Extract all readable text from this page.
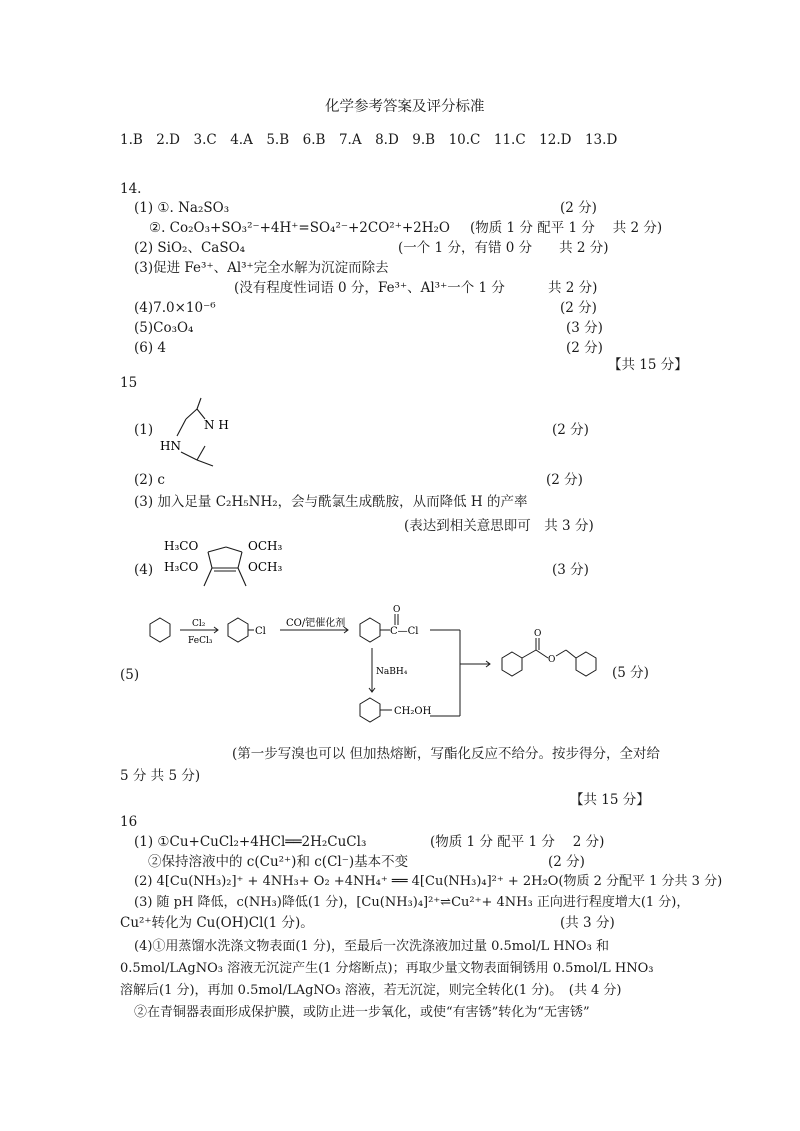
化学参考答案及评分标准
1.B　2.D　3.C　4.A　5.B　6.B　7.A　8.D　9.B　10.C　11.C　12.D　13.D
14.
(1) ①. Na₂SO₃	(2 分)
②. Co₂O₃+SO₃²⁻+4H⁺=SO₄²⁻+2CO²⁺+2H₂O (物质 1 分 配平 1 分　 共 2 分)
(2) SiO₂、CaSO₄	(一个 1 分，有错 0 分　　共 2 分)
(3)促进 Fe³⁺、Al³⁺完全水解为沉淀而除去
(没有程度性词语 0 分，Fe³⁺、Al³⁺一个 1 分	共 2 分)
(4)7.0×10⁻⁶	(2 分)
(5)Co₃O₄	(3 分)
(6) 4	(2 分)
【共 15 分】
15
(1)	N H
HN
(2 分)
(2) c	(2 分)
(3) 加入足量 C₂H₅NH₂，会与酰氯生成酰胺，从而降低 H 的产率
(表达到相关意思即可　共 3 分)
(4)
H₃CO
H₃CO
OCH₃
OCH₃	(3 分)
(5)
Cl₂
FeCl₃
Cl
CO/钯催化剂
O
C—Cl
NaBH₄
CH₂OH
O
O
(5 分)
(第一步写溴也可以 但加热熔断，写酯化反应不给分。按步得分，全对给
5 分 共 5 分)
【共 15 分】
16
(1) ①Cu+CuCl₂+4HCl══2H₂CuCl₃	(物质 1 分 配平 1 分　 2 分)
②保持溶液中的 c(Cu²⁺)和 c(Cl⁻)基本不变	(2 分)
(2) 4[Cu(NH₃)₂]⁺ + 4NH₃+ O₂ +4NH₄⁺ ══ 4[Cu(NH₃)₄]²⁺ + 2H₂O(物质 2 分配平 1 分共 3 分)
(3) 随 pH 降低，c(NH₃)降低(1 分)，[Cu(NH₃)₄]²⁺⇌Cu²⁺+ 4NH₃ 正向进行程度增大(1 分)，
Cu²⁺转化为 Cu(OH)Cl(1 分)。	(共 3 分)
(4)①用蒸馏水洗涤文物表面(1 分)，至最后一次洗涤液加过量 0.5mol/L HNO₃ 和
0.5mol/LAgNO₃ 溶液无沉淀产生(1 分熔断点)；再取少量文物表面铜锈用 0.5mol/L HNO₃
溶解后(1 分)，再加 0.5mol/LAgNO₃ 溶液，若无沉淀，则完全转化(1 分)。　(共 4 分)
②在青铜器表面形成保护膜，或防止进一步氧化，或使“有害锈”转化为“无害锈”
